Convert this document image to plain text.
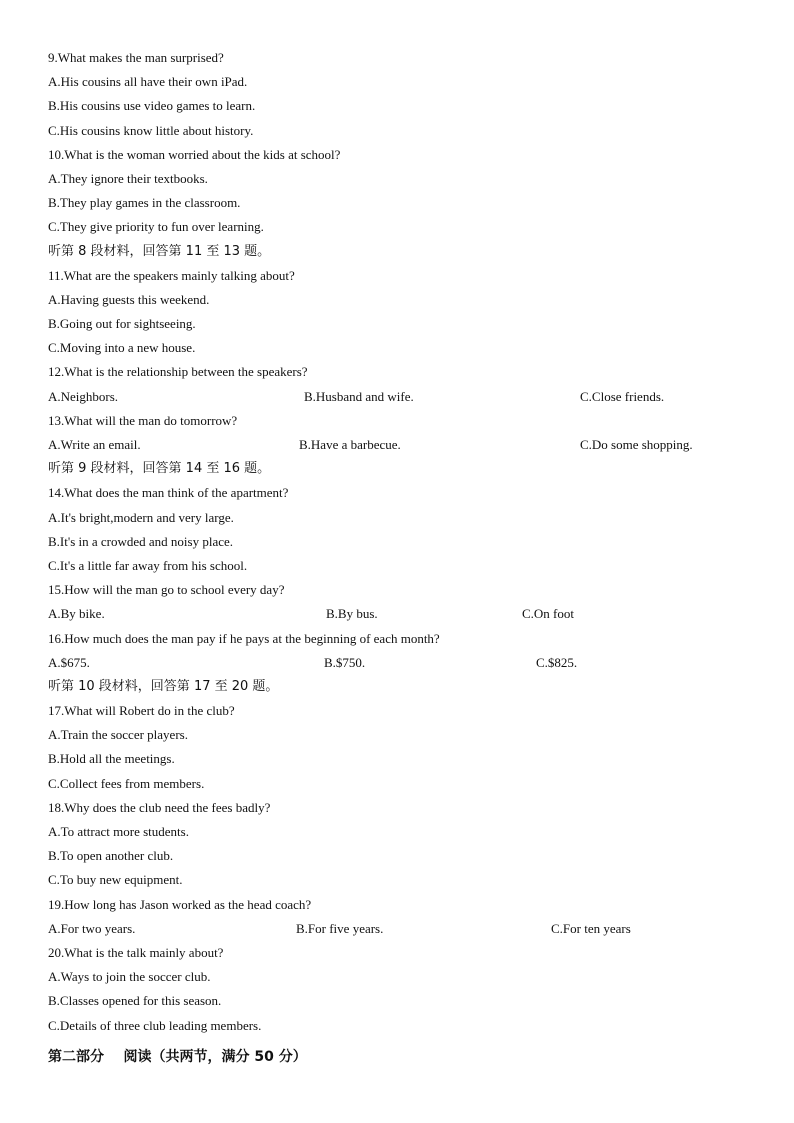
9.What makes the man surprised?
A.His cousins all have their own iPad.
B.His cousins use video games to learn.
C.His cousins know little about history.
10.What is the woman worried about the kids at school?
A.They ignore their textbooks.
B.They play games in the classroom.
C.They give priority to fun over learning.
听第 8 段材料，回答第 11 至 13 题。
11.What are the speakers mainly talking about?
A.Having guests this weekend.
B.Going out for sightseeing.
C.Moving into a new house.
12.What is the relationship between the speakers?
A.Neighbors.	B.Husband and wife.	C.Close friends.
13.What will the man do tomorrow?
A.Write an email.	B.Have a barbecue.	C.Do some shopping.
听第 9 段材料，回答第 14 至 16 题。
14.What does the man think of the apartment?
A.It's bright,modern and very large.
B.It's in a crowded and noisy place.
C.It's a little far away from his school.
15.How will the man go to school every day?
A.By bike.	B.By bus.	C.On foot
16.How much does the man pay if he pays at the beginning of each month?
A.$675.	B.$750.	C.$825.
听第 10 段材料，回答第 17 至 20 题。
17.What will Robert do in the club?
A.Train the soccer players.
B.Hold all the meetings.
C.Collect fees from members.
18.Why does the club need the fees badly?
A.To attract more students.
B.To open another club.
C.To buy new equipment.
19.How long has Jason worked as the head coach?
A.For two years.	B.For five years.	C.For ten years
20.What is the talk mainly about?
A.Ways to join the soccer club.
B.Classes opened for this season.
C.Details of three club leading members.
第二部分    阅读（共两节，满分 50 分）
